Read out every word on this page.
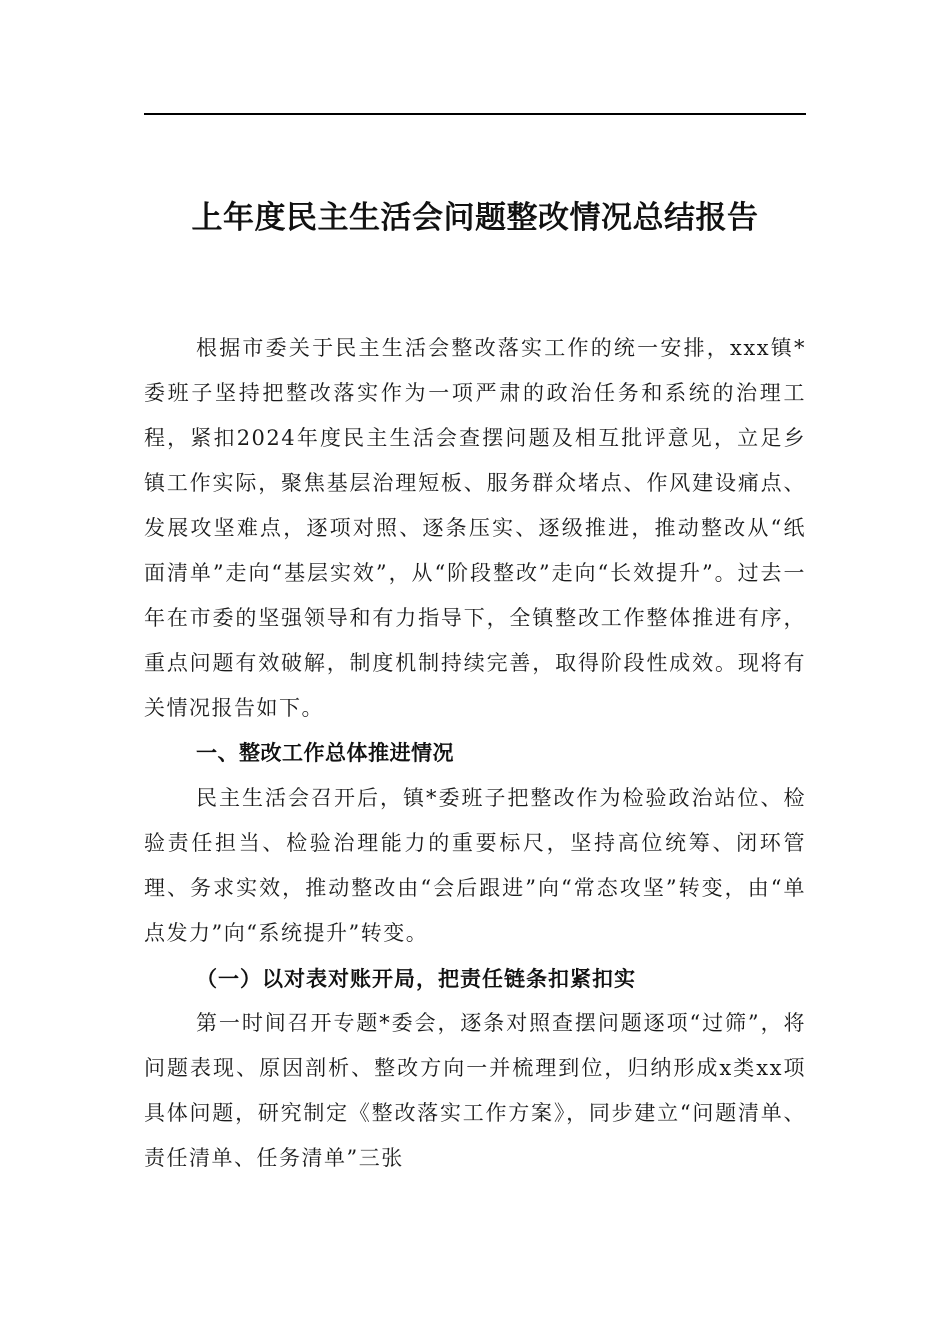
上年度民主生活会问题整改情况总结报告

根据市委关于民主生活会整改落实工作的统一安排，xxx镇*委班子坚持把整改落实作为一项严肃的政治任务和系统的治理工程，紧扣2024年度民主生活会查摆问题及相互批评意见，立足乡镇工作实际，聚焦基层治理短板、服务群众堵点、作风建设痛点、发展攻坚难点，逐项对照、逐条压实、逐级推进，推动整改从“纸面清单”走向“基层实效”，从“阶段整改”走向“长效提升”。过去一年在市委的坚强领导和有力指导下，全镇整改工作整体推进有序，重点问题有效破解，制度机制持续完善，取得阶段性成效。现将有关情况报告如下。

一、整改工作总体推进情况

民主生活会召开后，镇*委班子把整改作为检验政治站位、检验责任担当、检验治理能力的重要标尺，坚持高位统筹、闭环管理、务求实效，推动整改由“会后跟进”向“常态攻坚”转变，由“单点发力”向“系统提升”转变。

（一）以对表对账开局，把责任链条扣紧扣实

第一时间召开专题*委会，逐条对照查摆问题逐项“过筛”，将问题表现、原因剖析、整改方向一并梳理到位，归纳形成x类xx项具体问题，研究制定《整改落实工作方案》，同步建立“问题清单、责任清单、任务清单”三张
